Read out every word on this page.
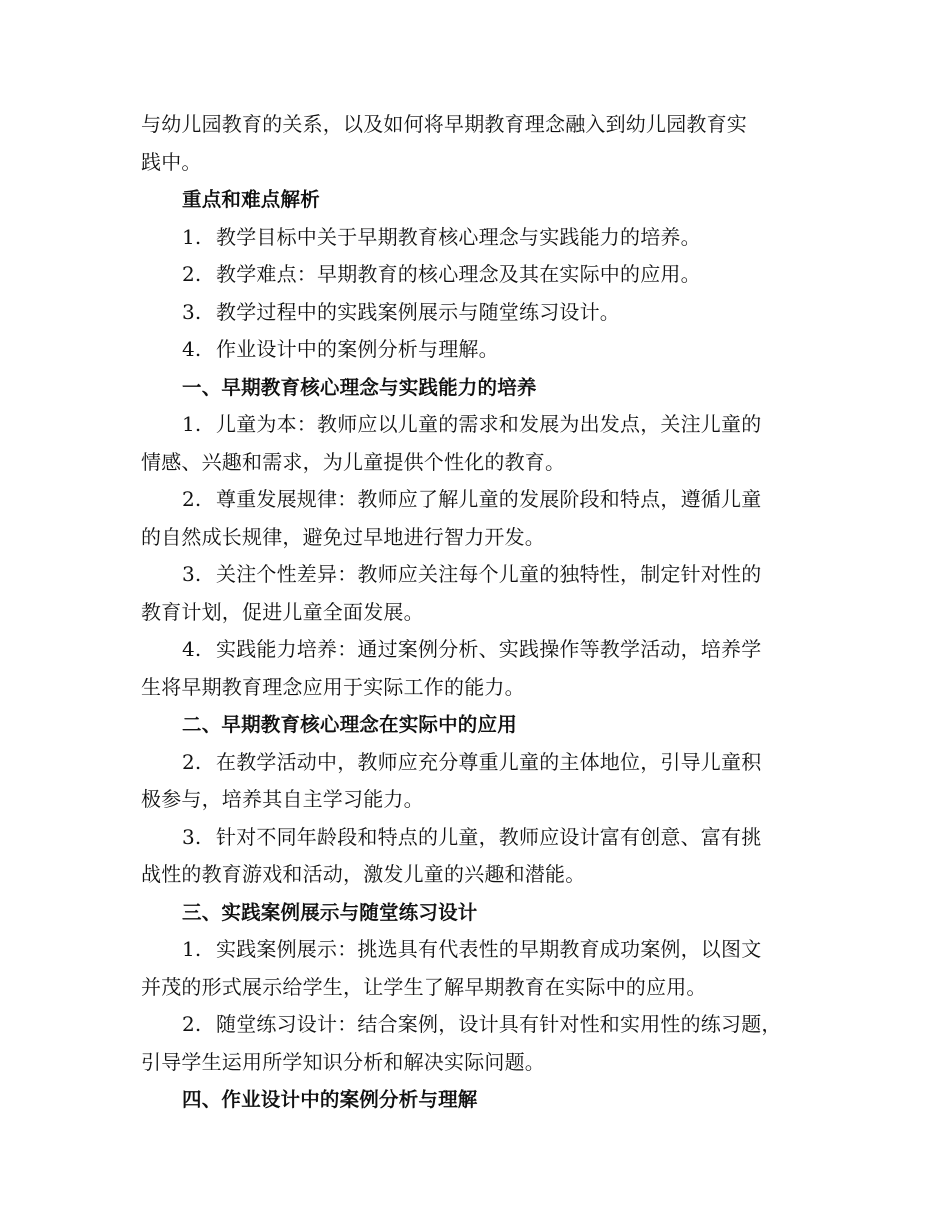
与幼儿园教育的关系，以及如何将早期教育理念融入到幼儿园教育实
践中。
重点和难点解析
1. 教学目标中关于早期教育核心理念与实践能力的培养。
2. 教学难点：早期教育的核心理念及其在实际中的应用。
3. 教学过程中的实践案例展示与随堂练习设计。
4. 作业设计中的案例分析与理解。
一、早期教育核心理念与实践能力的培养
1. 儿童为本：教师应以儿童的需求和发展为出发点，关注儿童的
情感、兴趣和需求，为儿童提供个性化的教育。
2. 尊重发展规律：教师应了解儿童的发展阶段和特点，遵循儿童
的自然成长规律，避免过早地进行智力开发。
3. 关注个性差异：教师应关注每个儿童的独特性，制定针对性的
教育计划，促进儿童全面发展。
4. 实践能力培养：通过案例分析、实践操作等教学活动，培养学
生将早期教育理念应用于实际工作的能力。
二、早期教育核心理念在实际中的应用
2. 在教学活动中，教师应充分尊重儿童的主体地位，引导儿童积
极参与，培养其自主学习能力。
3. 针对不同年龄段和特点的儿童，教师应设计富有创意、富有挑
战性的教育游戏和活动，激发儿童的兴趣和潜能。
三、实践案例展示与随堂练习设计
1. 实践案例展示：挑选具有代表性的早期教育成功案例，以图文
并茂的形式展示给学生，让学生了解早期教育在实际中的应用。
2. 随堂练习设计：结合案例，设计具有针对性和实用性的练习题，
引导学生运用所学知识分析和解决实际问题。
四、作业设计中的案例分析与理解
